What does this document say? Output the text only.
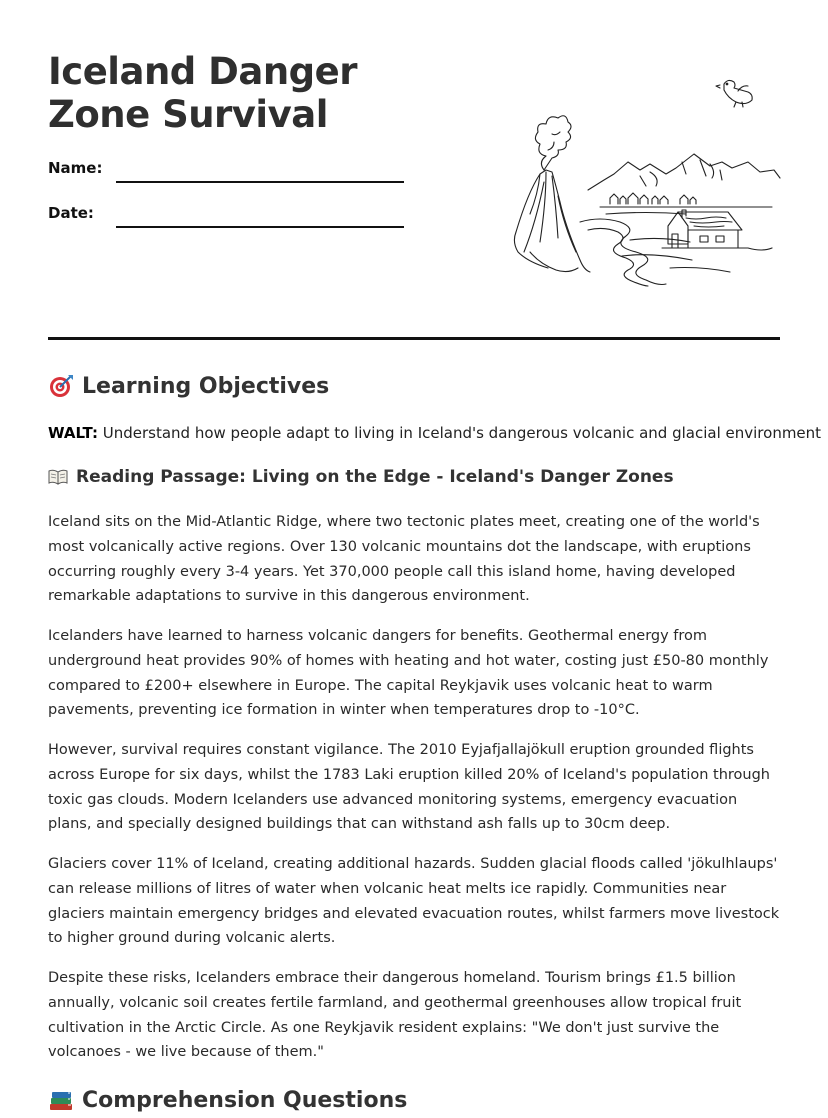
Iceland Danger Zone Survival
Name:
Date:
Learning Objectives
WALT: Understand how people adapt to living in Iceland's dangerous volcanic and glacial environment
Reading Passage: Living on the Edge - Iceland's Danger Zones

Iceland sits on the Mid-Atlantic Ridge, where two tectonic plates meet, creating one of the world's most volcanically active regions. Over 130 volcanic mountains dot the landscape, with eruptions occurring roughly every 3-4 years. Yet 370,000 people call this island home, having developed remarkable adaptations to survive in this dangerous environment.

Icelanders have learned to harness volcanic dangers for benefits. Geothermal energy from underground heat provides 90% of homes with heating and hot water, costing just £50-80 monthly compared to £200+ elsewhere in Europe. The capital Reykjavik uses volcanic heat to warm pavements, preventing ice formation in winter when temperatures drop to -10°C.

However, survival requires constant vigilance. The 2010 Eyjafjallajökull eruption grounded flights across Europe for six days, whilst the 1783 Laki eruption killed 20% of Iceland's population through toxic gas clouds. Modern Icelanders use advanced monitoring systems, emergency evacuation plans, and specially designed buildings that can withstand ash falls up to 30cm deep.

Glaciers cover 11% of Iceland, creating additional hazards. Sudden glacial floods called 'jökulhlaups' can release millions of litres of water when volcanic heat melts ice rapidly. Communities near glaciers maintain emergency bridges and elevated evacuation routes, whilst farmers move livestock to higher ground during volcanic alerts.

Despite these risks, Icelanders embrace their dangerous homeland. Tourism brings £1.5 billion annually, volcanic soil creates fertile farmland, and geothermal greenhouses allow tropical fruit cultivation in the Arctic Circle. As one Reykjavik resident explains: "We don't just survive the volcanoes - we live because of them."

Comprehension Questions
